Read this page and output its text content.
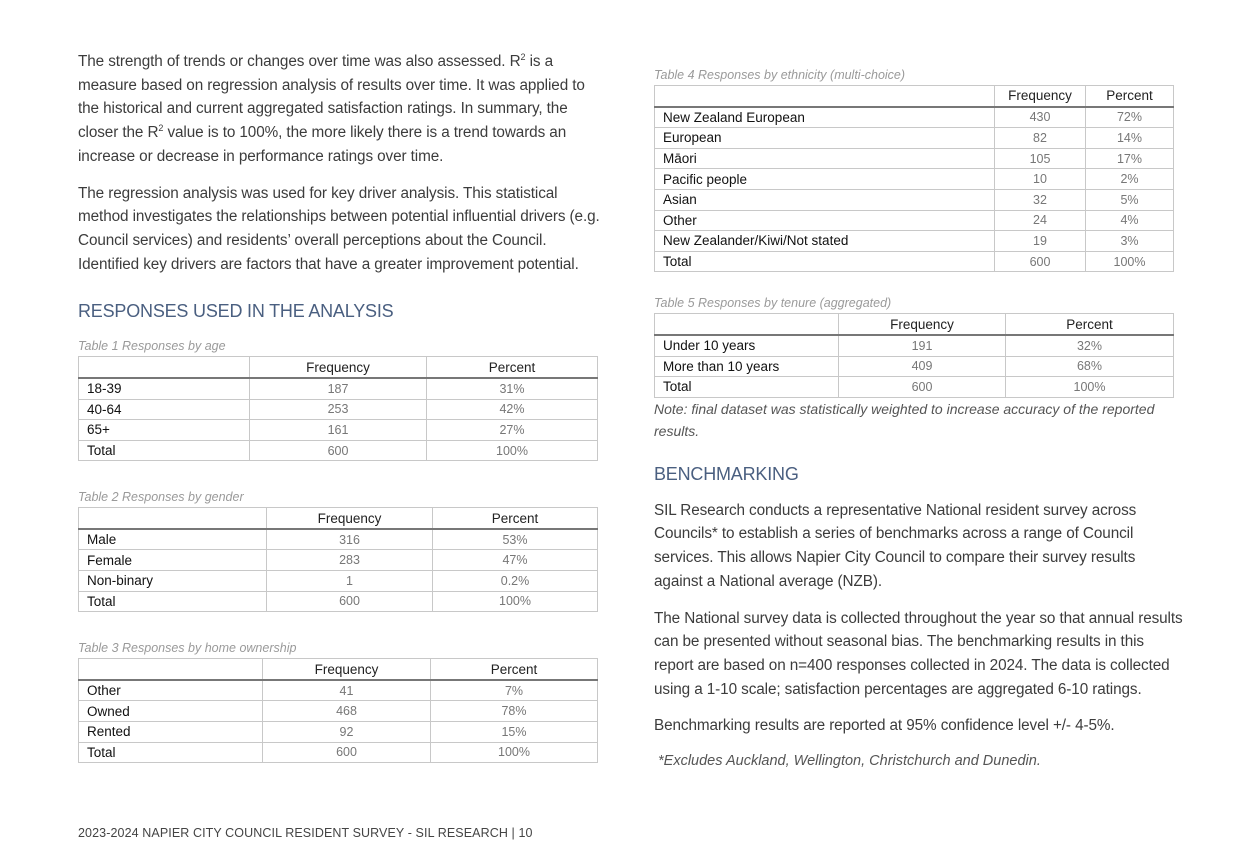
The strength of trends or changes over time was also assessed. $R^2$ is a measure based on regression analysis of results over time. It was applied to the historical and current aggregated satisfaction ratings. In summary, the closer the $R^2$ value is to 100%, the more likely there is a trend towards an increase or decrease in performance ratings over time.

The regression analysis was used for key driver analysis. This statistical method investigates the relationships between potential influential drivers (e.g. Council services) and residents’ overall perceptions about the Council. Identified key drivers are factors that have a greater improvement potential.

RESPONSES USED IN THE ANALYSIS
Table 1 Responses by age
	Frequency	Percent
18-39	187	31%
40-64	253	42%
65+	161	27%
Total	600	100%
Table 2 Responses by gender
	Frequency	Percent
Male	316	53%
Female	283	47%
Non-binary	1	0.2%
Total	600	100%
Table 3 Responses by home ownership
	Frequency	Percent
Other	41	7%
Owned	468	78%
Rented	92	15%
Total	600	100%
Table 4 Responses by ethnicity (multi-choice)
	Frequency	Percent
New Zealand European	430	72%
European	82	14%
Māori	105	17%
Pacific people	10	2%
Asian	32	5%
Other	24	4%
New Zealander/Kiwi/Not stated	19	3%
Total	600	100%
Table 5 Responses by tenure (aggregated)
	Frequency	Percent
Under 10 years	191	32%
More than 10 years	409	68%
Total	600	100%

Note: final dataset was statistically weighted to increase accuracy of the reported results.

BENCHMARKING

SIL Research conducts a representative National resident survey across Councils* to establish a series of benchmarks across a range of Council services. This allows Napier City Council to compare their survey results against a National average (NZB).

The National survey data is collected throughout the year so that annual results can be presented without seasonal bias. The benchmarking results in this report are based on n=400 responses collected in 2024. The data is collected using a 1-10 scale; satisfaction percentages are aggregated 6-10 ratings.

Benchmarking results are reported at 95% confidence level +/- 4-5%.

*Excludes Auckland, Wellington, Christchurch and Dunedin.

2023-2024 NAPIER CITY COUNCIL RESIDENT SURVEY - SIL RESEARCH | 10
